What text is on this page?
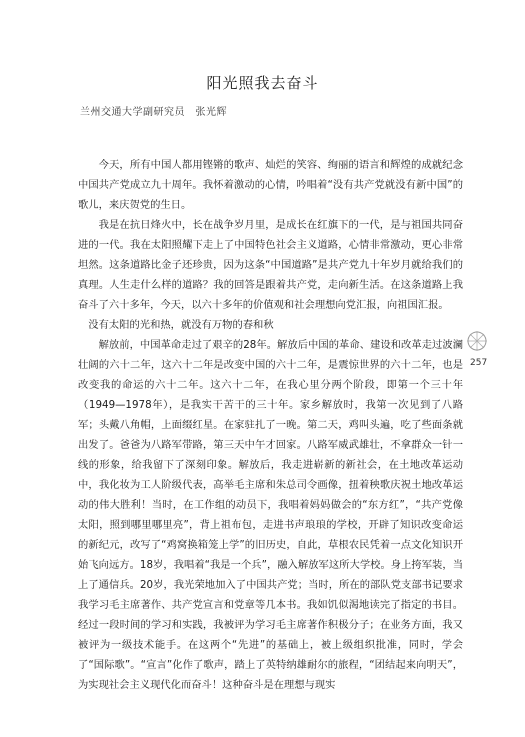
阳光照我去奋斗
兰州交通大学副研究员　张光辉

今天，所有中国人都用铿锵的歌声、灿烂的笑容、绚丽的语言和辉煌的成就纪念中国共产党成立九十周年。我怀着激动的心情，吟唱着“没有共产党就没有新中国”的歌儿，来庆贺党的生日。

我是在抗日烽火中，长在战争岁月里，是成长在红旗下的一代，是与祖国共同奋进的一代。我在太阳照耀下走上了中国特色社会主义道路，心情非常激动，更心非常坦然。这条道路比金子还珍贵，因为这条“中国道路”是共产党九十年岁月就给我们的真理。人生走什么样的道路？我的回答是跟着共产党，走向新生活。在这条道路上我奋斗了六十多年，今天，以六十多年的价值观和社会理想向党汇报，向祖国汇报。

没有太阳的光和热，就没有万物的春和秋

解放前，中国革命走过了艰辛的28年。解放后中国的革命、建设和改革走过波澜壮阔的六十二年，这六十二年是改变中国的六十二年，是震惊世界的六十二年，也是改变我的命运的六十二年。这六十二年，在我心里分两个阶段，即第一个三十年（1949—1978年），是我实干苦干的三十年。家乡解放时，我第一次见到了八路军；头戴八角帽，上面缀红星。在家驻扎了一晚。第二天，鸡叫头遍，吃了些面条就出发了。爸爸为八路军带路，第三天中午才回家。八路军威武雄壮，不拿群众一针一线的形象，给我留下了深刻印象。解放后，我走进崭新的新社会，在土地改革运动中，我化妆为工人阶级代表，高举毛主席和朱总司令画像，扭着秧歌庆祝土地改革运动的伟大胜利！当时，在工作组的动员下，我唱着妈妈做会的“东方红”，“共产党像太阳，照到哪里哪里亮”，背上祖布包，走进书声琅琅的学校，开辟了知识改变命运的新纪元，改写了“鸡窝换箱笼上学”的旧历史，自此，草根农民凭着一点文化知识开始飞向远方。18岁，我唱着“我是一个兵”，融入解放军这所大学校。身上挎军装，当上了通信兵。20岁，我光荣地加入了中国共产党；当时，所在的部队党支部书记要求我学习毛主席著作、共产党宣言和党章等几本书。我如饥似渴地读完了指定的书目。经过一段时间的学习和实践，我被评为学习毛主席著作积极分子；在业务方面，我又被评为一级技术能手。在这两个“先进”的基础上，被上级组织批准，同时，学会了“国际歌”。“宣言”化作了歌声，踏上了英特纳雄耐尔的旅程，“团结起来向明天”，为实现社会主义现代化而奋斗！这种奋斗是在理想与现实

257
